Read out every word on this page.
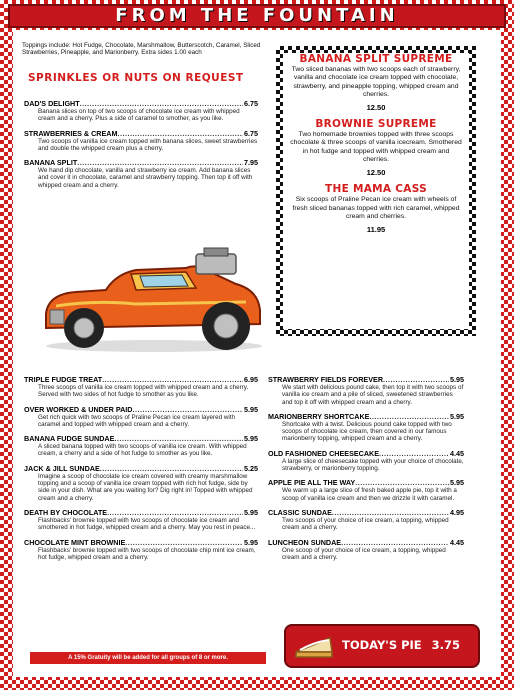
FROM THE FOUNTAIN
Toppings include: Hot Fudge, Chocolate, Marshmallow, Butterscotch, Caramel, Sliced Strawberries, Pineapple, and Marionberry. Extra sides 1.00 each
SPRINKLES OR NUTS ON REQUEST
DAD'S DELIGHT .....	6.75
Banana slices on top of two scoops of chocolate ice cream with whipped cream and a cherry. Plus a side of caramel to smother, as you like.
STRAWBERRIES & CREAM .....	6.75
Two scoops of vanilla ice cream topped with banana slices, sweet strawberries and double the whipped cream plus a cherry.
BANANA SPLIT .....	7.95
We hand dip chocolate, vanilla and strawberry ice cream. Add banana slices and cover it in chocolate, caramel and strawberry topping. Then top it off with whipped cream and a cherry.
BANANA SPLIT SUPREME
Two sliced bananas with two scoops each of strawberry, vanilla and chocolate ice cream topped with chocolate, strawberry, and pineapple topping, whipped cream and cherries.
12.50
BROWNIE SUPREME
Two homemade brownies topped with three scoops chocolate & three scoops of vanilla icecream. Smothered in hot fudge and topped with whipped cream and cherries.
12.50
THE MAMA CASS
Six scoops of Praline Pecan ice cream with wheels of fresh sliced bananas topped with rich caramel, whipped cream and cherries.
11.95
TRIPLE FUDGE TREAT .....	6.95
Three scoops of vanilla ice cream topped with whipped cream and a cherry. Served with two sides of hot fudge to smother as you like.
OVER WORKED & UNDER PAID .....	5.95
Get rich quick with two scoops of Praline Pecan ice cream layered with caramel and topped with whipped cream and a cherry.
BANANA FUDGE SUNDAE .....	5.95
A sliced banana topped with two scoops of vanilla ice cream. With whipped cream, a cherry and a side of hot fudge to smother as you like.
JACK & JILL SUNDAE .....	5.25
Imagine a scoop of chocolate ice cream covered with creamy marshmallow topping and a scoop of vanilla ice cream topped with rich hot fudge, side by side in your dish. What are you waiting for? Dig right in! Topped with whipped cream and a cherry.
DEATH BY CHOCOLATE .....	5.95
Flashbacks' brownie topped with two scoops of chocolate ice cream and smothered in hot fudge, whipped cream and a cherry. May you rest in peace...
CHOCOLATE MINT BROWNIE .....	5.95
Flashbacks' brownie topped with two scoops of chocolate chip mint ice cream, hot fudge, whipped cream and a cherry.
STRAWBERRY FIELDS FOREVER .....	5.95
We start with delicious pound cake, then top it with two scoops of vanilla ice cream and a pile of sliced, sweetened strawberries and top it off with whipped cream and a cherry.
MARIONBERRY SHORTCAKE .....	5.95
Shortcake with a twist. Delicious pound cake topped with two scoops of chocolate ice cream, then covered in our famous marionberry topping, whipped cream and a cherry.
OLD FASHIONED CHEESECAKE .....	4.45
A large slice of cheesecake topped with your choice of chocolate, strawberry, or marionberry topping.
APPLE PIE ALL THE WAY .....	5.95
We warm up a large slice of fresh baked apple pie, top it with a scoop of vanilla ice cream and then we drizzle it with caramel.
CLASSIC SUNDAE .....	4.95
Two scoops of your choice of ice cream, a topping, whipped cream and a cherry.
LUNCHEON SUNDAE .....	4.45
One scoop of your choice of ice cream, a topping, whipped cream and a cherry.
A 15% Gratuity will be added for all groups of 8 or more.
TODAY'S PIE 3.75
